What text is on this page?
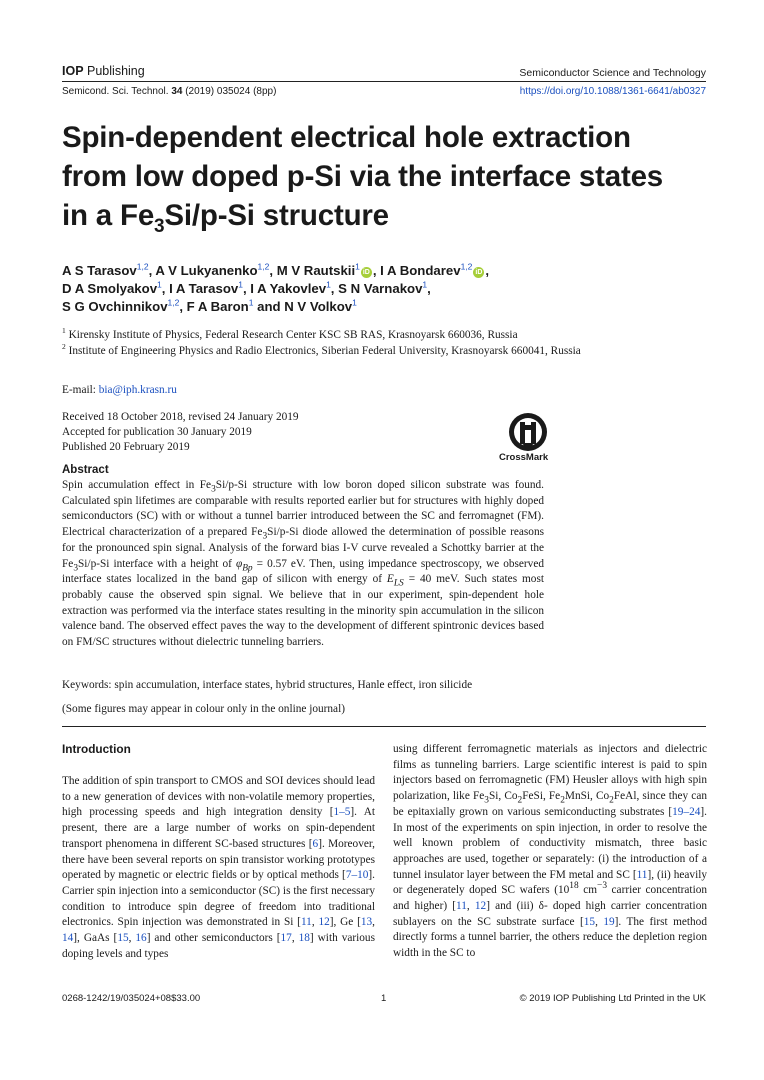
IOP Publishing	Semiconductor Science and Technology
Semicond. Sci. Technol. 34 (2019) 035024 (8pp)	https://doi.org/10.1088/1361-6641/ab0327
Spin-dependent electrical hole extraction
from low doped p-Si via the interface states
in a $Fe_3Si/p-Si$ structure
A S Tarasov$^{1,2}$, A V Lukyanenko$^{1,2}$, M V Rautskii$^1$iD , I A Bondarev$^{1,2}$iD ,
D A Smolyakov$^1$, I A Tarasov$^1$, I A Yakovlev$^1$, S N Varnakov$^1$,
S G Ovchinnikov$^{1,2}$, F A Baron$^1$ and N V Volkov$^1$
$^1$ Kirensky Institute of Physics, Federal Research Center KSC SB RAS, Krasnoyarsk 660036, Russia
$^2$ Institute of Engineering Physics and Radio Electronics, Siberian Federal University, Krasnoyarsk 660041, Russia
E-mail: bia@iph.krasn.ru
Received 18 October 2018, revised 24 January 2019
Accepted for publication 30 January 2019
Published 20 February 2019
CrossMark
Abstract
Spin accumulation effect in $Fe_3Si/p-Si$ structure with low boron doped silicon substrate was found. Calculated spin lifetimes are comparable with results reported earlier but for structures with highly doped semiconductors (SC) with or without a tunnel barrier introduced between the SC and ferromagnet (FM). Electrical characterization of a prepared $Fe_3Si/p-Si$ diode allowed the determination of possible reasons for the pronounced spin signal. Analysis of the forward bias I-V curve revealed a Schottky barrier at the $Fe_3Si/p-Si$ interface with a height of $\varphi_{Bp} = 0.57$ eV. Then, using impedance spectroscopy, we observed interface states localized in the band gap of silicon with energy of $E_{LS} = 40$ meV. Such states most probably cause the observed spin signal. We believe that in our experiment, spin-dependent hole extraction was performed via the interface states resulting in the minority spin accumulation in the silicon valence band. The observed effect paves the way to the development of different spintronic devices based on FM/SC structures without dielectric tunneling barriers.
Keywords: spin accumulation, interface states, hybrid structures, Hanle effect, iron silicide
(Some figures may appear in colour only in the online journal)
Introduction

The addition of spin transport to CMOS and SOI devices should lead to a new generation of devices with non-volatile memory properties, high processing speeds and high integration density [1–5]. At present, there are a large number of works on spin-dependent transport phenomena in different SC-based structures [6]. Moreover, there have been several reports on spin transistor working prototypes operated by magnetic or electric fields or by optical methods [7–10]. Carrier spin injection into a semiconductor (SC) is the first necessary condition to introduce spin degree of freedom into traditional electronics. Spin injection was demonstrated in Si [11, 12], Ge [13, 14], GaAs [15, 16] and other semiconductors [17, 18] with various doping levels and types

using different ferromagnetic materials as injectors and dielectric films as tunneling barriers. Large scientific interest is paid to spin injectors based on ferromagnetic (FM) Heusler alloys with high spin polarization, like $Fe_3Si$, $Co_2FeSi$, $Fe_2MnSi$, $Co_2FeAl$, since they can be epitaxially grown on various semiconducting substrates [19–24]. In most of the experiments on spin injection, in order to resolve the well known problem of conductivity mismatch, three basic approaches are used, together or separately: (i) the introduction of a tunnel insulator layer between the FM metal and SC [11], (ii) heavily or degenerately doped SC wafers ($10^{18}$ $cm^{-3}$ carrier concentration and higher) [11, 12] and (iii) δ- doped high carrier concentration sublayers on the SC substrate surface [15, 19]. The first method directly forms a tunnel barrier, the others reduce the depletion region width in the SC to

0268-1242/19/035024+08$33.00	1	© 2019 IOP Publishing Ltd Printed in the UK
